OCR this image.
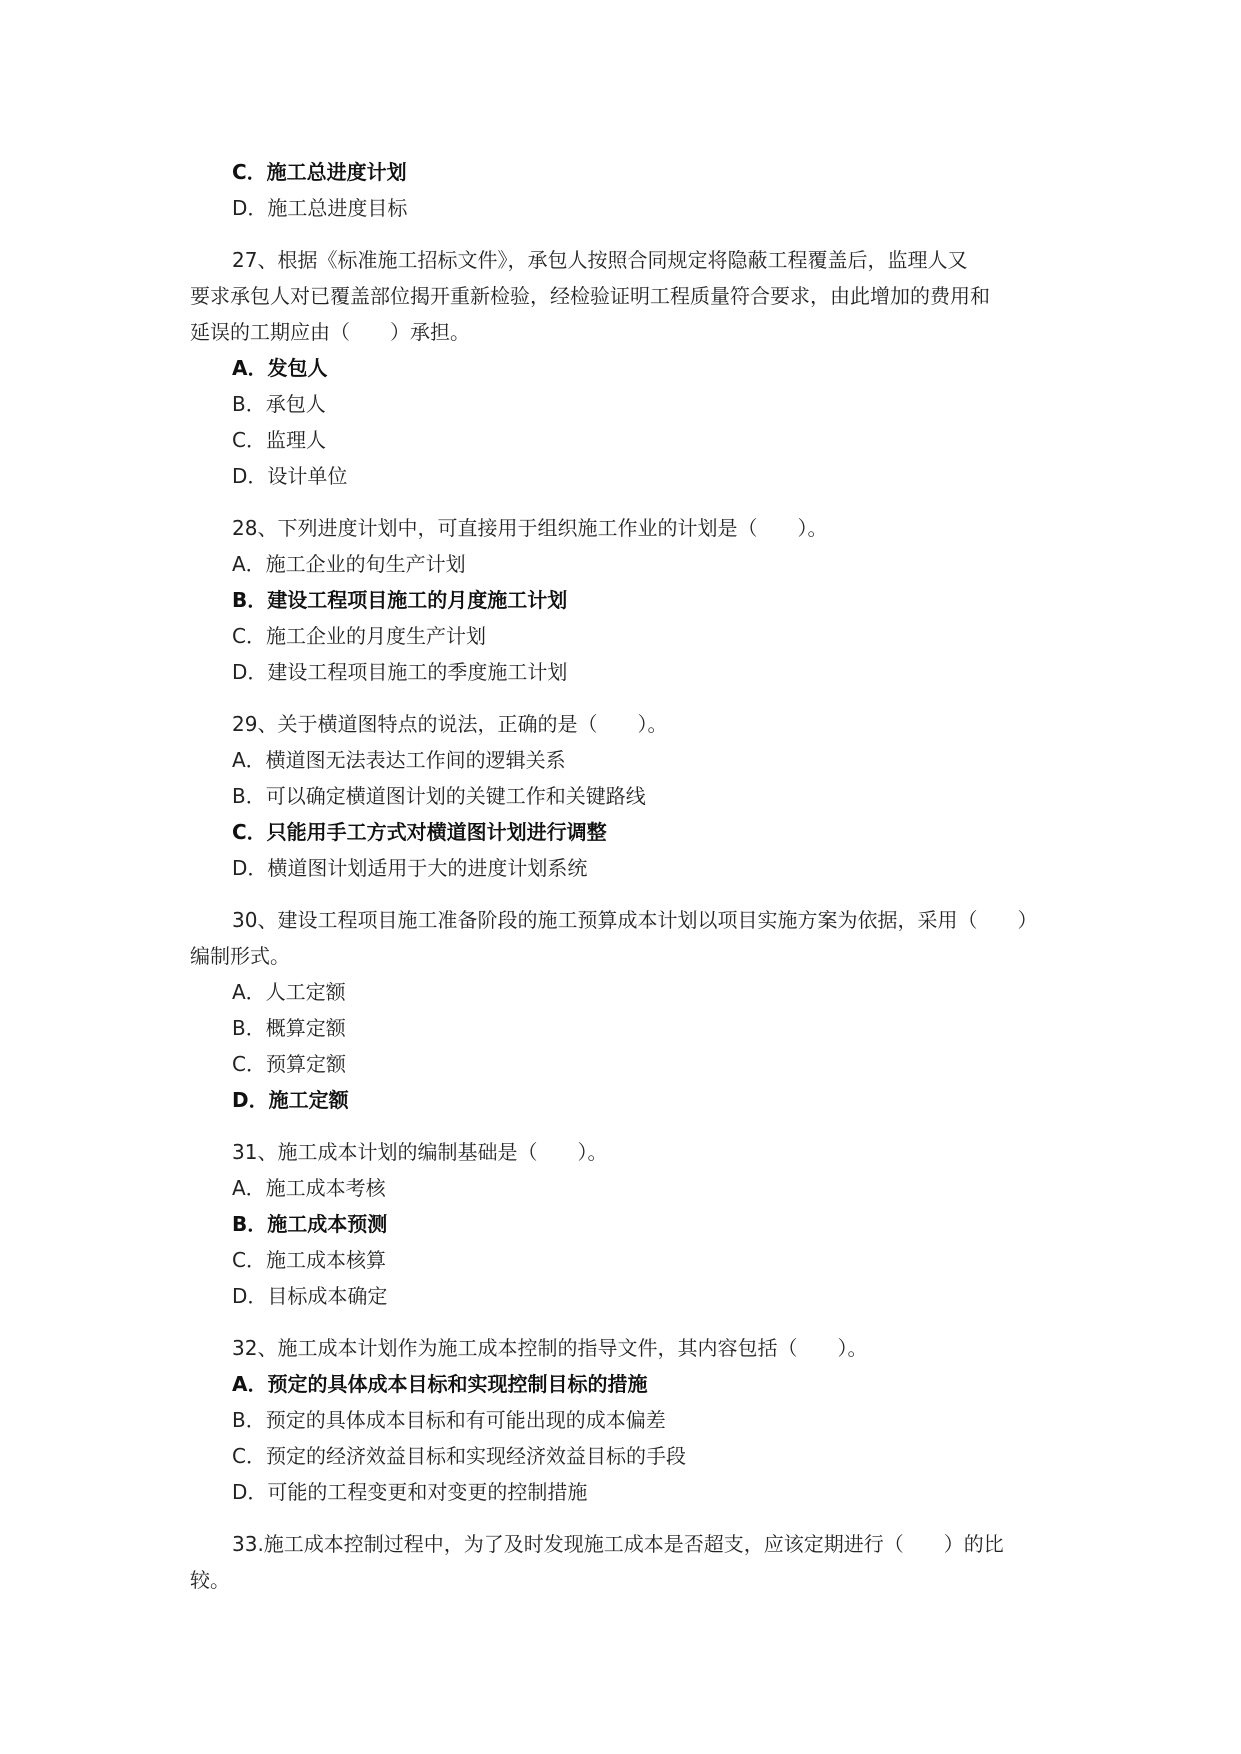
C．施工总进度计划
D．施工总进度目标
27、根据《标准施工招标文件》，承包人按照合同规定将隐蔽工程覆盖后，监理人又
要求承包人对已覆盖部位揭开重新检验，经检验证明工程质量符合要求，由此增加的费用和
延误的工期应由（　　）承担。
A．发包人
B．承包人
C．监理人
D．设计单位
28、下列进度计划中，可直接用于组织施工作业的计划是（　　）。
A．施工企业的旬生产计划
B．建设工程项目施工的月度施工计划
C．施工企业的月度生产计划
D．建设工程项目施工的季度施工计划
29、关于横道图特点的说法，正确的是（　　）。
A．横道图无法表达工作间的逻辑关系
B．可以确定横道图计划的关键工作和关键路线
C．只能用手工方式对横道图计划进行调整
D．横道图计划适用于大的进度计划系统
30、建设工程项目施工准备阶段的施工预算成本计划以项目实施方案为依据，采用（　　）
编制形式。
A．人工定额
B．概算定额
C．预算定额
D．施工定额
31、施工成本计划的编制基础是（　　）。
A．施工成本考核
B．施工成本预测
C．施工成本核算
D．目标成本确定
32、施工成本计划作为施工成本控制的指导文件，其内容包括（　　）。
A．预定的具体成本目标和实现控制目标的措施
B．预定的具体成本目标和有可能出现的成本偏差
C．预定的经济效益目标和实现经济效益目标的手段
D．可能的工程变更和对变更的控制措施
33.施工成本控制过程中，为了及时发现施工成本是否超支，应该定期进行（　　）的比
较。
